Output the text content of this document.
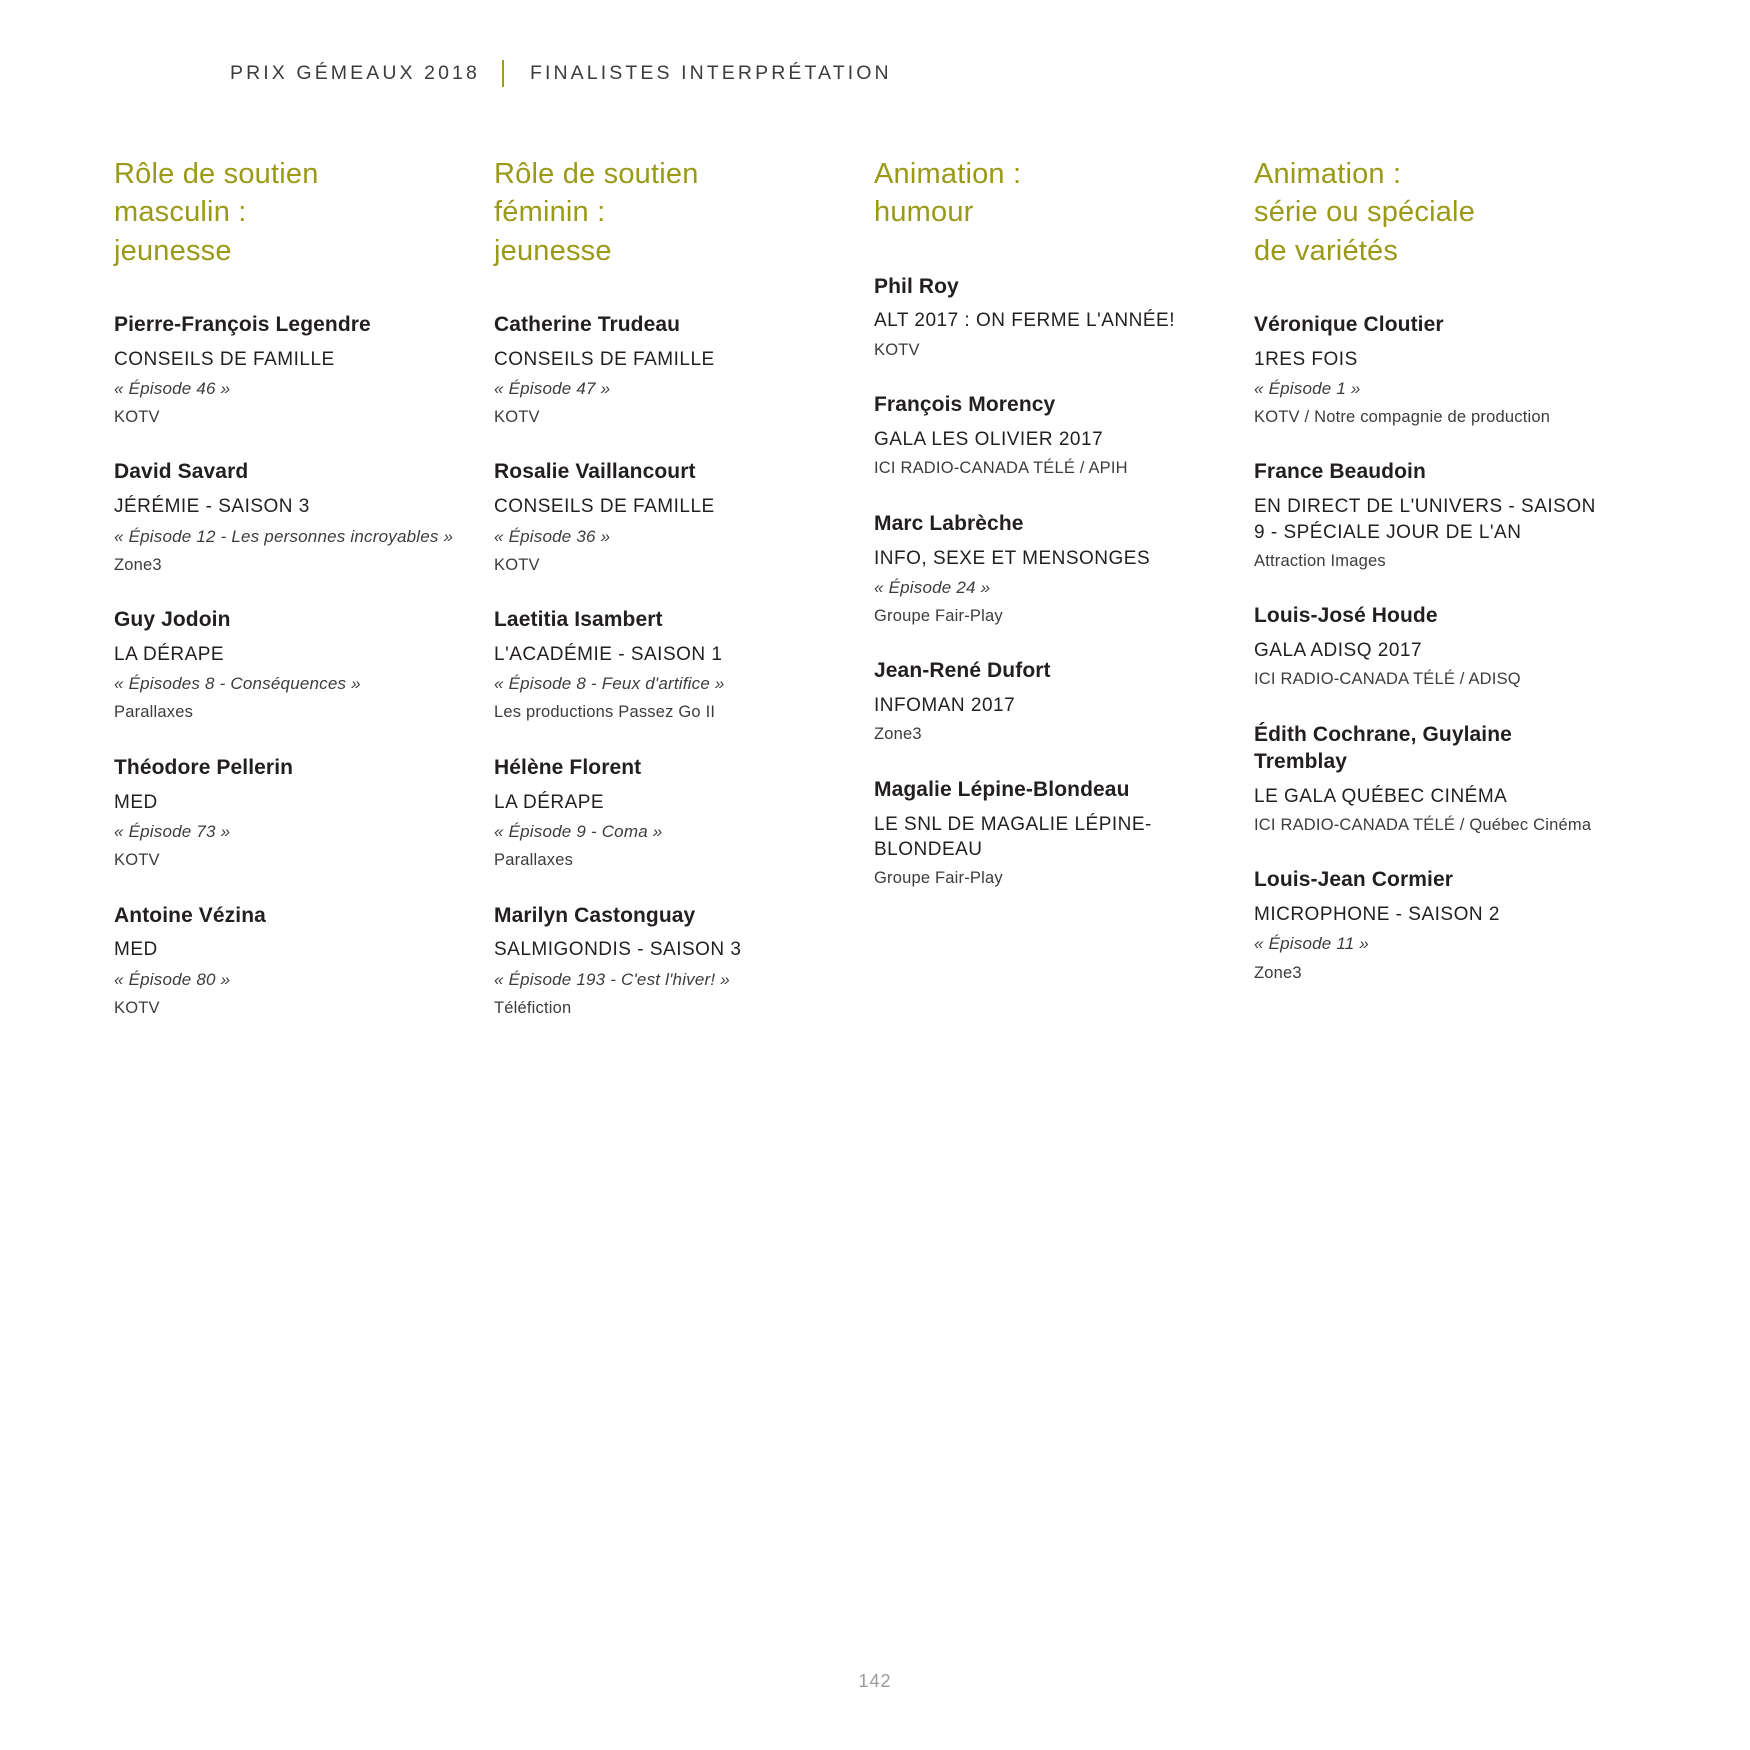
PRIX GÉMEAUX 2018	FINALISTES INTERPRÉTATION
Rôle de soutien
masculin :
jeunesse
Pierre-François Legendre
CONSEILS DE FAMILLE
« Épisode 46 »
KOTV
David Savard
JÉRÉMIE - SAISON 3
« Épisode 12 - Les personnes incroyables »
Zone3
Guy Jodoin
LA DÉRAPE
« Épisodes 8 - Conséquences »
Parallaxes
Théodore Pellerin
MED
« Épisode 73 »
KOTV
Antoine Vézina
MED
« Épisode 80 »
KOTV
Rôle de soutien
féminin :
jeunesse
Catherine Trudeau
CONSEILS DE FAMILLE
« Épisode 47 »
KOTV
Rosalie Vaillancourt
CONSEILS DE FAMILLE
« Épisode 36 »
KOTV
Laetitia Isambert
L'ACADÉMIE - SAISON 1
« Épisode 8 - Feux d'artifice »
Les productions Passez Go II
Hélène Florent
LA DÉRAPE
« Épisode 9 - Coma »
Parallaxes
Marilyn Castonguay
SALMIGONDIS - SAISON 3
« Épisode 193 - C'est l'hiver! »
Téléfiction
Animation :
humour
Phil Roy
ALT 2017 : ON FERME L'ANNÉE!
KOTV
François Morency
GALA LES OLIVIER 2017
ICI RADIO-CANADA TÉLÉ / APIH
Marc Labrèche
INFO, SEXE ET MENSONGES
« Épisode 24 »
Groupe Fair-Play
Jean-René Dufort
INFOMAN 2017
Zone3
Magalie Lépine-Blondeau
LE SNL DE MAGALIE LÉPINE-BLONDEAU
Groupe Fair-Play
Animation :
série ou spéciale
de variétés
Véronique Cloutier
1RES FOIS
« Épisode 1 »
KOTV / Notre compagnie de production
France Beaudoin
EN DIRECT DE L'UNIVERS - SAISON 9 - SPÉCIALE JOUR DE L'AN
Attraction Images
Louis-José Houde
GALA ADISQ 2017
ICI RADIO-CANADA TÉLÉ / ADISQ
Édith Cochrane, Guylaine Tremblay
LE GALA QUÉBEC CINÉMA
ICI RADIO-CANADA TÉLÉ / Québec Cinéma
Louis-Jean Cormier
MICROPHONE - SAISON 2
« Épisode 11 »
Zone3
142
